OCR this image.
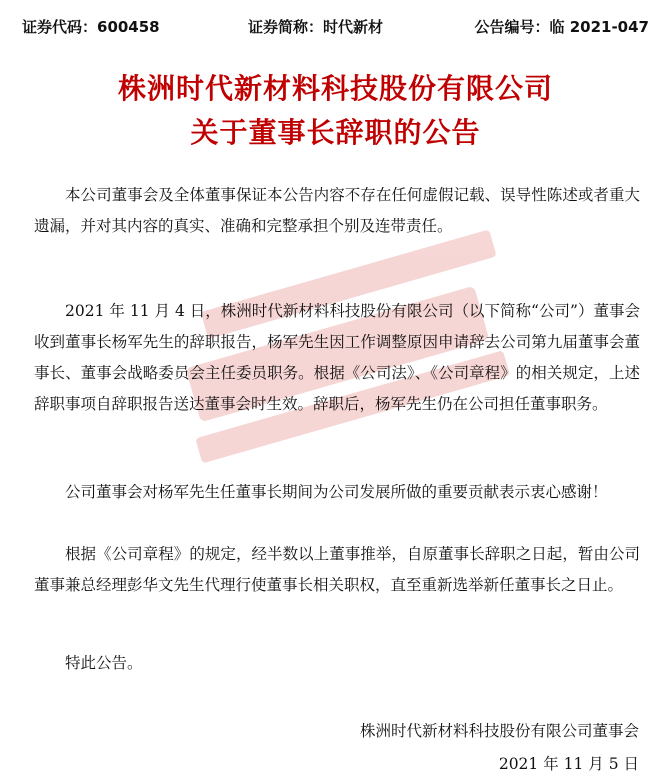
证券代码：600458	证券简称：时代新材	公告编号：临 2021-047
株洲时代新材料科技股份有限公司
关于董事长辞职的公告
本公司董事会及全体董事保证本公告内容不存在任何虚假记载、误导性陈述或者重大遗漏，并对其内容的真实、准确和完整承担个别及连带责任。
2021 年 11 月 4 日，株洲时代新材料科技股份有限公司（以下简称“公司”）董事会收到董事长杨军先生的辞职报告，杨军先生因工作调整原因申请辞去公司第九届董事会董事长、董事会战略委员会主任委员职务。根据《公司法》、《公司章程》的相关规定，上述辞职事项自辞职报告送达董事会时生效。辞职后，杨军先生仍在公司担任董事职务。
公司董事会对杨军先生任董事长期间为公司发展所做的重要贡献表示衷心感谢！
根据《公司章程》的规定，经半数以上董事推举，自原董事长辞职之日起，暂由公司董事兼总经理彭华文先生代理行使董事长相关职权，直至重新选举新任董事长之日止。
特此公告。
株洲时代新材料科技股份有限公司董事会
2021 年 11 月 5 日
